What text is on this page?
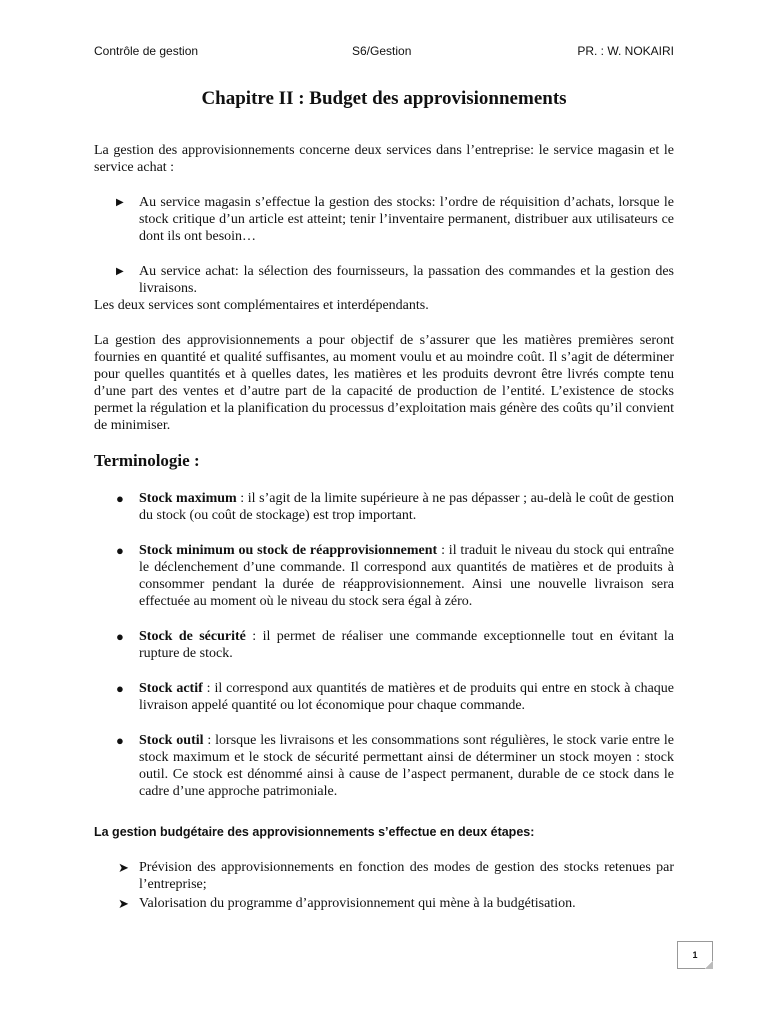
Contrôle de gestion	S6/Gestion	PR. : W. NOKAIRI
Chapitre II : Budget des approvisionnements

La gestion des approvisionnements concerne deux services dans l’entreprise: le service magasin et le service achat :

▶ Au service magasin s’effectue la gestion des stocks: l’ordre de réquisition d’achats, lorsque le stock critique d’un article est atteint; tenir l’inventaire permanent, distribuer aux utilisateurs ce dont ils ont besoin…
▶ Au service achat: la sélection des fournisseurs, la passation des commandes et la gestion des livraisons.

Les deux services sont complémentaires et interdépendants.

La gestion des approvisionnements a pour objectif de s’assurer que les matières premières seront fournies en quantité et qualité suffisantes, au moment voulu et au moindre coût. Il s’agit de déterminer pour quelles quantités et à quelles dates, les matières et les produits devront être livrés compte tenu d’une part des ventes et d’autre part de la capacité de production de l’entité. L’existence de stocks permet la régulation et la planification du processus d’exploitation mais génère des coûts qu’il convient de minimiser.

Terminologie :

● Stock maximum : il s’agit de la limite supérieure à ne pas dépasser ; au-delà le coût de gestion du stock (ou coût de stockage) est trop important.
● Stock minimum ou stock de réapprovisionnement : il traduit le niveau du stock qui entraîne le déclenchement d’une commande. Il correspond aux quantités de matières et de produits à consommer pendant la durée de réapprovisionnement. Ainsi une nouvelle livraison sera effectuée au moment où le niveau du stock sera égal à zéro.
● Stock de sécurité : il permet de réaliser une commande exceptionnelle tout en évitant la rupture de stock.
● Stock actif : il correspond aux quantités de matières et de produits qui entre en stock à chaque livraison appelé quantité ou lot économique pour chaque commande.
● Stock outil : lorsque les livraisons et les consommations sont régulières, le stock varie entre le stock maximum et le stock de sécurité permettant ainsi de déterminer un stock moyen : stock outil. Ce stock est dénommé ainsi à cause de l’aspect permanent, durable de ce stock dans le cadre d’une approche patrimoniale.

La gestion budgétaire des approvisionnements s’effectue en deux étapes:

➤ Prévision des approvisionnements en fonction des modes de gestion des stocks retenues par l’entreprise;
➤ Valorisation du programme d’approvisionnement qui mène à la budgétisation.
1
